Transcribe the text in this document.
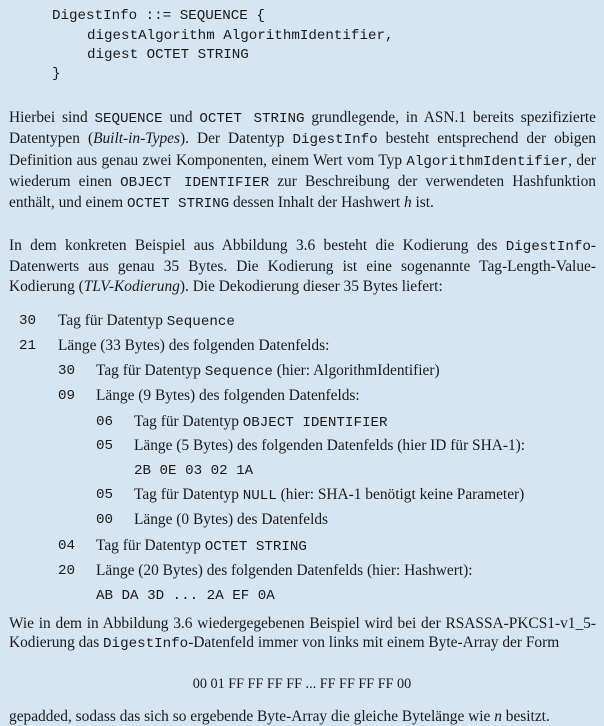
DigestInfo ::= SEQUENCE {

digestAlgorithm AlgorithmIdentifier,

digest OCTET STRING

}

Hierbei sind SEQUENCE und OCTET STRING grundlegende, in ASN.1 bereits spezifizierte Datentypen (Built-in-Types). Der Datentyp DigestInfo besteht entsprechend der obigen Definition aus genau zwei Komponenten, einem Wert vom Typ AlgorithmIdentifier, der wiederum einen OBJECT IDENTIFIER zur Beschreibung der verwendeten Hashfunktion enthält, und einem OCTET STRING dessen Inhalt der Hashwert h ist.

In dem konkreten Beispiel aus Abbildung 3.6 besteht die Kodierung des DigestInfo-Datenwerts aus genau 35 Bytes. Die Kodierung ist eine sogenannte Tag-Length-Value-Kodierung (TLV-Kodierung). Die Dekodierung dieser 35 Bytes liefert:

30 Tag für Datentyp Sequence
21 Länge (33 Bytes) des folgenden Datenfelds:
30 Tag für Datentyp Sequence (hier: AlgorithmIdentifier)
09 Länge (9 Bytes) des folgenden Datenfelds:
06 Tag für Datentyp OBJECT IDENTIFIER
05 Länge (5 Bytes) des folgenden Datenfelds (hier ID für SHA-1):
2B 0E 03 02 1A
05 Tag für Datentyp NULL (hier: SHA-1 benötigt keine Parameter)
00 Länge (0 Bytes) des Datenfelds
04 Tag für Datentyp OCTET STRING
20 Länge (20 Bytes) des folgenden Datenfelds (hier: Hashwert):
AB DA 3D ... 2A EF 0A

Wie in dem in Abbildung 3.6 wiedergegebenen Beispiel wird bei der RSASSA-PKCS1-v1_5-Kodierung das DigestInfo-Datenfeld immer von links mit einem Byte-Array der Form

00 01 FF FF FF FF ... FF FF FF FF 00

gepadded, sodass das sich so ergebende Byte-Array die gleiche Bytelänge wie n besitzt.
